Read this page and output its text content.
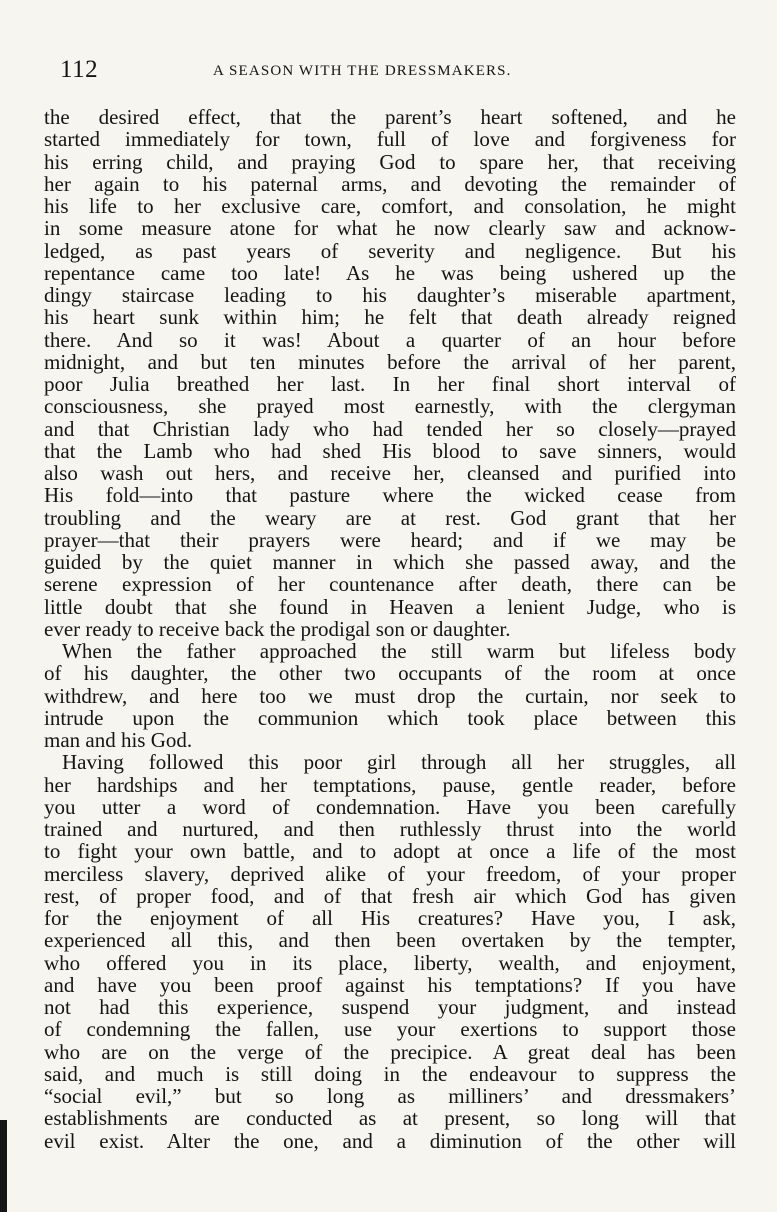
112	A SEASON WITH THE DRESSMAKERS.
the desired effect, that the parent’s heart softened, and he
started immediately for town, full of love and forgiveness for
his erring child, and praying God to spare her, that receiving
her again to his paternal arms, and devoting the remainder of
his life to her exclusive care, comfort, and consolation, he might
in some measure atone for what he now clearly saw and acknow-
ledged, as past years of severity and negligence. But his
repentance came too late! As he was being ushered up the
dingy staircase leading to his daughter’s miserable apartment,
his heart sunk within him; he felt that death already reigned
there. And so it was! About a quarter of an hour before
midnight, and but ten minutes before the arrival of her parent,
poor Julia breathed her last. In her final short interval of
consciousness, she prayed most earnestly, with the clergyman
and that Christian lady who had tended her so closely—prayed
that the Lamb who had shed His blood to save sinners, would
also wash out hers, and receive her, cleansed and purified into
His fold—into that pasture where the wicked cease from
troubling and the weary are at rest. God grant that her
prayer—that their prayers were heard; and if we may be
guided by the quiet manner in which she passed away, and the
serene expression of her countenance after death, there can be
little doubt that she found in Heaven a lenient Judge, who is
ever ready to receive back the prodigal son or daughter.
When the father approached the still warm but lifeless body
of his daughter, the other two occupants of the room at once
withdrew, and here too we must drop the curtain, nor seek to
intrude upon the communion which took place between this
man and his God.
Having followed this poor girl through all her struggles, all
her hardships and her temptations, pause, gentle reader, before
you utter a word of condemnation. Have you been carefully
trained and nurtured, and then ruthlessly thrust into the world
to fight your own battle, and to adopt at once a life of the most
merciless slavery, deprived alike of your freedom, of your proper
rest, of proper food, and of that fresh air which God has given
for the enjoyment of all His creatures? Have you, I ask,
experienced all this, and then been overtaken by the tempter,
who offered you in its place, liberty, wealth, and enjoyment,
and have you been proof against his temptations? If you have
not had this experience, suspend your judgment, and instead
of condemning the fallen, use your exertions to support those
who are on the verge of the precipice. A great deal has been
said, and much is still doing in the endeavour to suppress the
“social evil,” but so long as milliners’ and dressmakers’
establishments are conducted as at present, so long will that
evil exist. Alter the one, and a diminution of the other will
